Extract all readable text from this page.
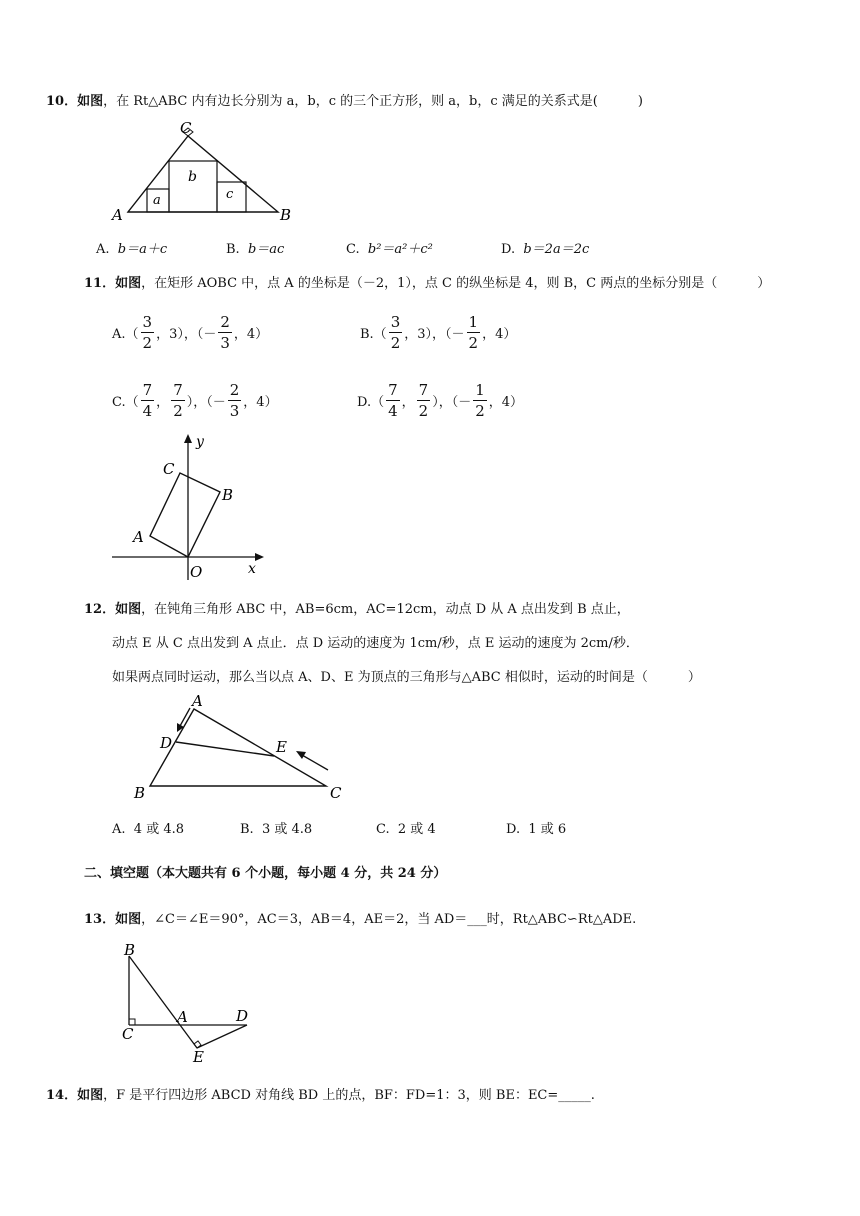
10．如图，在 Rt△ABC 内有边长分别为 a，b，c 的三个正方形，则 a，b，c 满足的关系式是(	)
a
b
c
A	B
C
A. b＝a＋c	B. b＝ac	C. b²＝a²＋c²	D. b＝2a＝2c
11．如图，在矩形 AOBC 中，点 A 的坐标是（－2，1），点 C 的纵坐标是 4，则 B，C 两点的坐标分别是（	）
$A.( \frac{3}{2}$ ，3），（－ $\frac{2}{3}$ ，4）	$B.( \frac{3}{2}$ ，3），（－ $\frac{1}{2}$ ，4）
$C.( \frac{7}{4}$ ， $\frac{7}{2}$ ），（－ $\frac{2}{3}$ ，4）	$D.( \frac{7}{4}$ ， $\frac{7}{2}$ ），（－ $\frac{1}{2}$ ，4）
y
x
O
A
B
C
12．如图，在钝角三角形 ABC 中，AB=6cm，AC=12cm，动点 D 从 A 点出发到 B 点止，
动点 E 从 C 点出发到 A 点止．点 D 运动的速度为 1cm/秒，点 E 运动的速度为 2cm/秒．
如果两点同时运动，那么当以点 A、D、E 为顶点的三角形与△ABC 相似时，运动的时间是（	）
A
B	C
D	E
A. 4 或 4.8	B. 3 或 4.8	C. 2 或 4	D. 1 或 6
二、填空题（本大题共有 6 个小题，每小题 4 分，共 24 分）
13．如图，∠C＝∠E＝90°，AC＝3，AB＝4，AE＝2，当 AD＝___时，Rt△ABC∽Rt△ADE.
B
C
A	D
E
14．如图，F 是平行四边形 ABCD 对角线 BD 上的点，BF：FD=1：3，则 BE：EC=_____.
